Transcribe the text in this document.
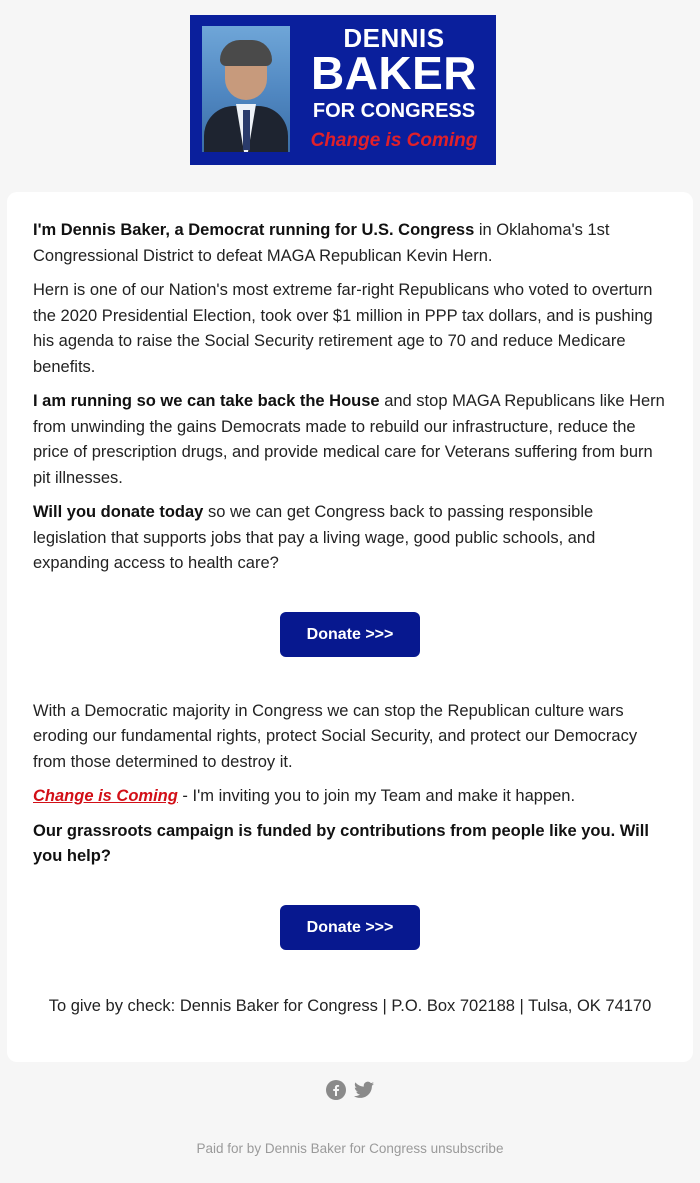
DENNIS
BAKER
FOR CONGRESS
Change is Coming

I'm Dennis Baker, a Democrat running for U.S. Congress in Oklahoma's 1st Congressional District to defeat MAGA Republican Kevin Hern.

Hern is one of our Nation's most extreme far-right Republicans who voted to overturn the 2020 Presidential Election, took over $1 million in PPP tax dollars, and is pushing his agenda to raise the Social Security retirement age to 70 and reduce Medicare benefits.

I am running so we can take back the House and stop MAGA Republicans like Hern from unwinding the gains Democrats made to rebuild our infrastructure, reduce the price of prescription drugs, and provide medical care for Veterans suffering from burn pit illnesses.

Will you donate today so we can get Congress back to passing responsible legislation that supports jobs that pay a living wage, good public schools, and expanding access to health care?

Donate >>>

With a Democratic majority in Congress we can stop the Republican culture wars eroding our fundamental rights, protect Social Security, and protect our Democracy from those determined to destroy it.

Change is Coming - I'm inviting you to join my Team and make it happen.

Our grassroots campaign is funded by contributions from people like you. Will you help?

Donate >>>

To give by check: Dennis Baker for Congress | P.O. Box 702188 | Tulsa, OK 74170

Paid for by Dennis Baker for Congress unsubscribe
